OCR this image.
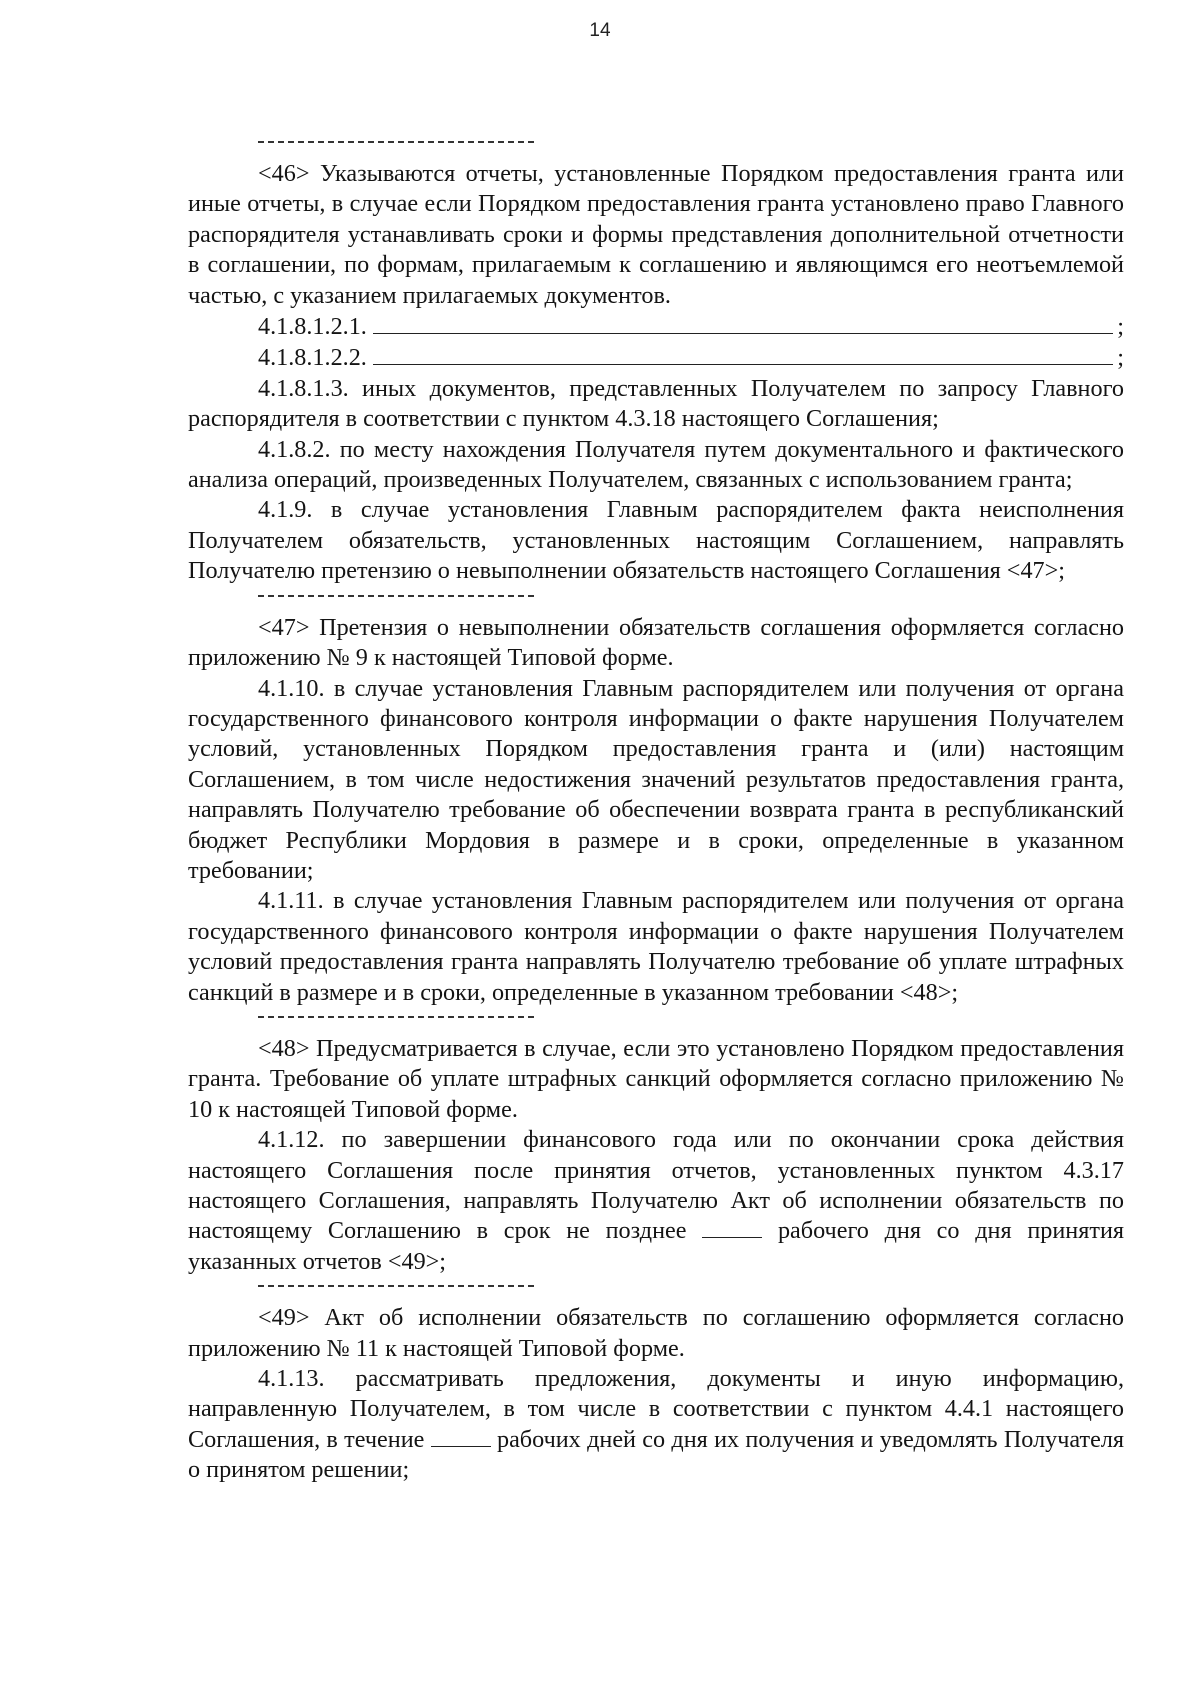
14

<46> Указываются отчеты, установленные Порядком предоставления гранта или иные отчеты, в случае если Порядком предоставления гранта установлено право Главного распорядителя устанавливать сроки и формы представления дополнительной отчетности в соглашении, по формам, прилагаемым к соглашению и являющимся его неотъемлемой частью, с указанием прилагаемых документов.

4.1.8.1.2.1.	;
4.1.8.1.2.2.	;

4.1.8.1.3. иных документов, представленных Получателем по запросу Главного распорядителя в соответствии с пунктом 4.3.18 настоящего Соглашения;

4.1.8.2. по месту нахождения Получателя путем документального и фактического анализа операций, произведенных Получателем, связанных с использованием гранта;

4.1.9. в случае установления Главным распорядителем факта неисполнения Получателем обязательств, установленных настоящим Соглашением, направлять Получателю претензию о невыполнении обязательств настоящего Соглашения <47>;

<47> Претензия о невыполнении обязательств соглашения оформляется согласно приложению № 9 к настоящей Типовой форме.

4.1.10. в случае установления Главным распорядителем или получения от органа государственного финансового контроля информации о факте нарушения Получателем условий, установленных Порядком предоставления гранта и (или) настоящим Соглашением, в том числе недостижения значений результатов предоставления гранта, направлять Получателю требование об обеспечении возврата гранта в республиканский бюджет Республики Мордовия в размере и в сроки, определенные в указанном требовании;

4.1.11. в случае установления Главным распорядителем или получения от органа государственного финансового контроля информации о факте нарушения Получателем условий предоставления гранта направлять Получателю требование об уплате штрафных санкций в размере и в сроки, определенные в указанном требовании <48>;

<48> Предусматривается в случае, если это установлено Порядком предоставления гранта. Требование об уплате штрафных санкций оформляется согласно приложению № 10 к настоящей Типовой форме.

4.1.12. по завершении финансового года или по окончании срока действия настоящего Соглашения после принятия отчетов, установленных пунктом 4.3.17 настоящего Соглашения, направлять Получателю Акт об исполнении обязательств по настоящему Соглашению в срок не позднее	рабочего дня со дня принятия указанных отчетов <49>;

<49> Акт об исполнении обязательств по соглашению оформляется согласно приложению № 11 к настоящей Типовой форме.

4.1.13. рассматривать предложения, документы и иную информацию, направленную Получателем, в том числе в соответствии с пунктом 4.4.1 настоящего Соглашения, в течение	рабочих дней со дня их получения и уведомлять Получателя о принятом решении;
